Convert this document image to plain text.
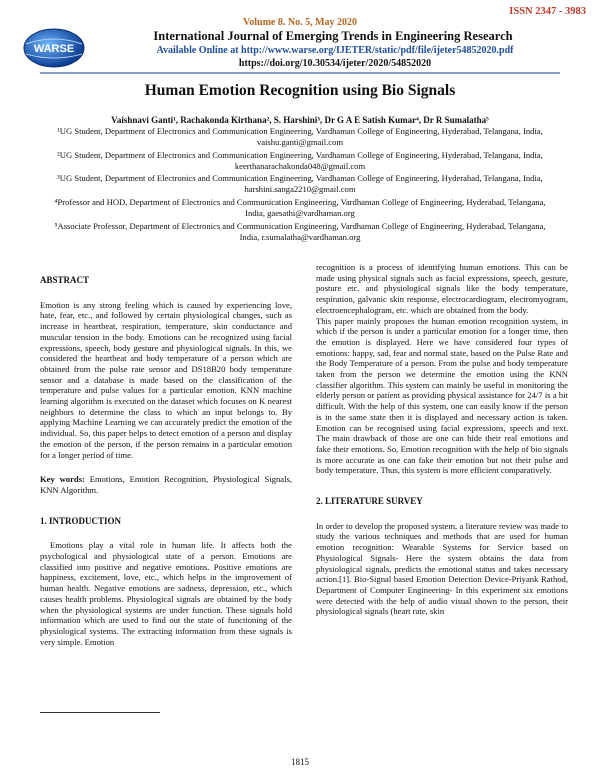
ISSN 2347 - 3983
WARSE
Volume 8. No. 5, May 2020
International Journal of Emerging Trends in Engineering Research
Available Online at http://www.warse.org/IJETER/static/pdf/file/ijeter54852020.pdf
https://doi.org/10.30534/ijeter/2020/54852020
Human Emotion Recognition using Bio Signals
Vaishnavi Ganti¹, Rachakonda Kirthana², S. Harshini³, Dr G A E Satish Kumar⁴, Dr R Sumalatha⁵
¹UG Student, Department of Electronics and Communication Engineering, Vardhaman College of Engineering, Hyderabad, Telangana, India, vaishu.ganti@gmail.com
²UG Student, Department of Electronics and Communication Engineering, Vardhaman College of Engineering, Hyderabad, Telangana, India, keerthanarachakonda048@gmail.com
³UG Student, Department of Electronics and Communication Engineering, Vardhaman College of Engineering, Hyderabad, Telangana, India, harshini.sanga2210@gmail.com
⁴Professor and HOD, Department of Electronics and Communication Engineering, Vardhaman College of Engineering, Hyderabad, Telangana, India, gaesathi@vardhaman.org
⁵Associate Professor, Department of Electronics and Communication Engineering, Vardhaman College of Engineering, Hyderabad, Telangana, India, r.sumalatha@vardhaman.org

ABSTRACT

Emotion is any strong feeling which is caused by experiencing love, hate, fear, etc., and followed by certain physiological changes, such as increase in heartbeat, respiration, temperature, skin conductance and muscular tension in the body. Emotions can be recognized using facial expressions, speech, body gesture and physiological signals. In this, we considered the heartbeat and body temperature of a person which are obtained from the pulse rate sensor and DS18B20 body temperature sensor and a database is made based on the classification of the temperature and pulse values for a particular emotion. KNN machine learning algorithm is executed on the dataset which focuses on K nearest neighbors to determine the class to which an input belongs to. By applying Machine Learning we can accurately predict the emotion of the individual. So, this paper helps to detect emotion of a person and display the emotion of the person, if the person remains in a particular emotion for a longer period of time.

Key words: Emotions, Emotion Recognition, Physiological Signals, KNN Algorithm.

1. INTRODUCTION

Emotions play a vital role in human life. It affects both the psychological and physiological state of a person. Emotions are classified into positive and negative emotions. Positive emotions are happiness, excitement, love, etc., which helps in the improvement of human health. Negative emotions are sadness, depression, etc., which causes health problems. Physiological signals are obtained by the body when the physiological systems are under function. These signals hold information which are used to find out the state of functioning of the physiological systems. The extracting information from these signals is very simple. Emotion

recognition is a process of identifying human emotions. This can be made using physical signals such as facial expressions, speech, gesture, posture etc. and physiological signals like the body temperature, respiration, galvanic skin response, electrocardiogram, electromyogram, electroencephalogram, etc. which are obtained from the body.

This paper mainly proposes the human emotion recognition system, in which if the person is under a particular emotion for a longer time, then the emotion is displayed. Here we have considered four types of emotions: happy, sad, fear and normal state, based on the Pulse Rate and the Body Temperature of a person. From the pulse and body temperature taken from the person we determine the emotion using the KNN classifier algorithm. This system can mainly be useful in monitoring the elderly person or patient as providing physical assistance for 24/7 is a bit difficult. With the help of this system, one can easily know if the person is in the same state then it is displayed and necessary action is taken. Emotion can be recognised using facial expressions, speech and text. The main drawback of those are one can hide their real emotions and fake their emotions. So, Emotion recognition with the help of bio signals is more accurate as one can fake their emotion but not their pulse and body temperature. Thus, this system is more efficient comparatively.

2. LITERATURE SURVEY

In order to develop the proposed system, a literature review was made to study the various techniques and methods that are used for human emotion recognition: Wearable Systems for Service based on Physiological Signals- Here the system obtains the data from physiological signals, predicts the emotional status and takes necessary action.[1]. Bio-Signal based Emotion Detection Device-Priyank Rathod, Department of Computer Engineering- In this experiment six emotions were detected with the help of audio visual shown to the person, their physiological signals (heart rate, skin

1815
